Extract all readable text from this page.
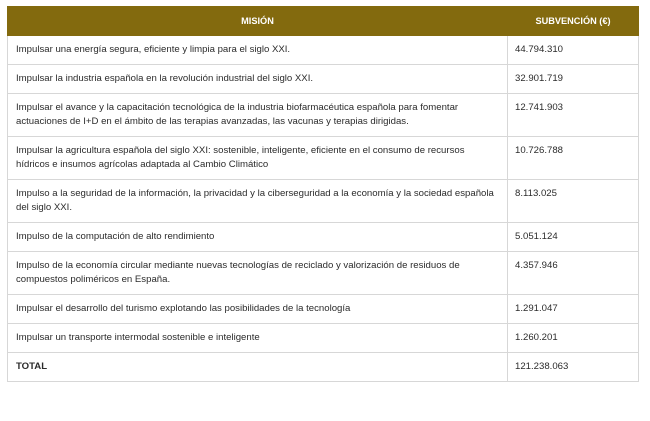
MISIÓN	SUBVENCIÓN (€)
Impulsar una energía segura, eficiente y limpia para el siglo XXI.	44.794.310
Impulsar la industria española en la revolución industrial del siglo XXI.	32.901.719
Impulsar el avance y la capacitación tecnológica de la industria biofarmacéutica española para fomentar actuaciones de I+D en el ámbito de las terapias avanzadas, las vacunas y terapias dirigidas.	12.741.903
Impulsar la agricultura española del siglo XXI: sostenible, inteligente, eficiente en el consumo de recursos hídricos e insumos agrícolas adaptada al Cambio Climático	10.726.788
Impulso a la seguridad de la información, la privacidad y la ciberseguridad a la economía y la sociedad española del siglo XXI.	8.113.025
Impulso de la computación de alto rendimiento	5.051.124
Impulso de la economía circular mediante nuevas tecnologías de reciclado y valorización de residuos de compuestos poliméricos en España.	4.357.946
Impulsar el desarrollo del turismo explotando las posibilidades de la tecnología	1.291.047
Impulsar un transporte intermodal sostenible e inteligente	1.260.201
TOTAL	121.238.063
